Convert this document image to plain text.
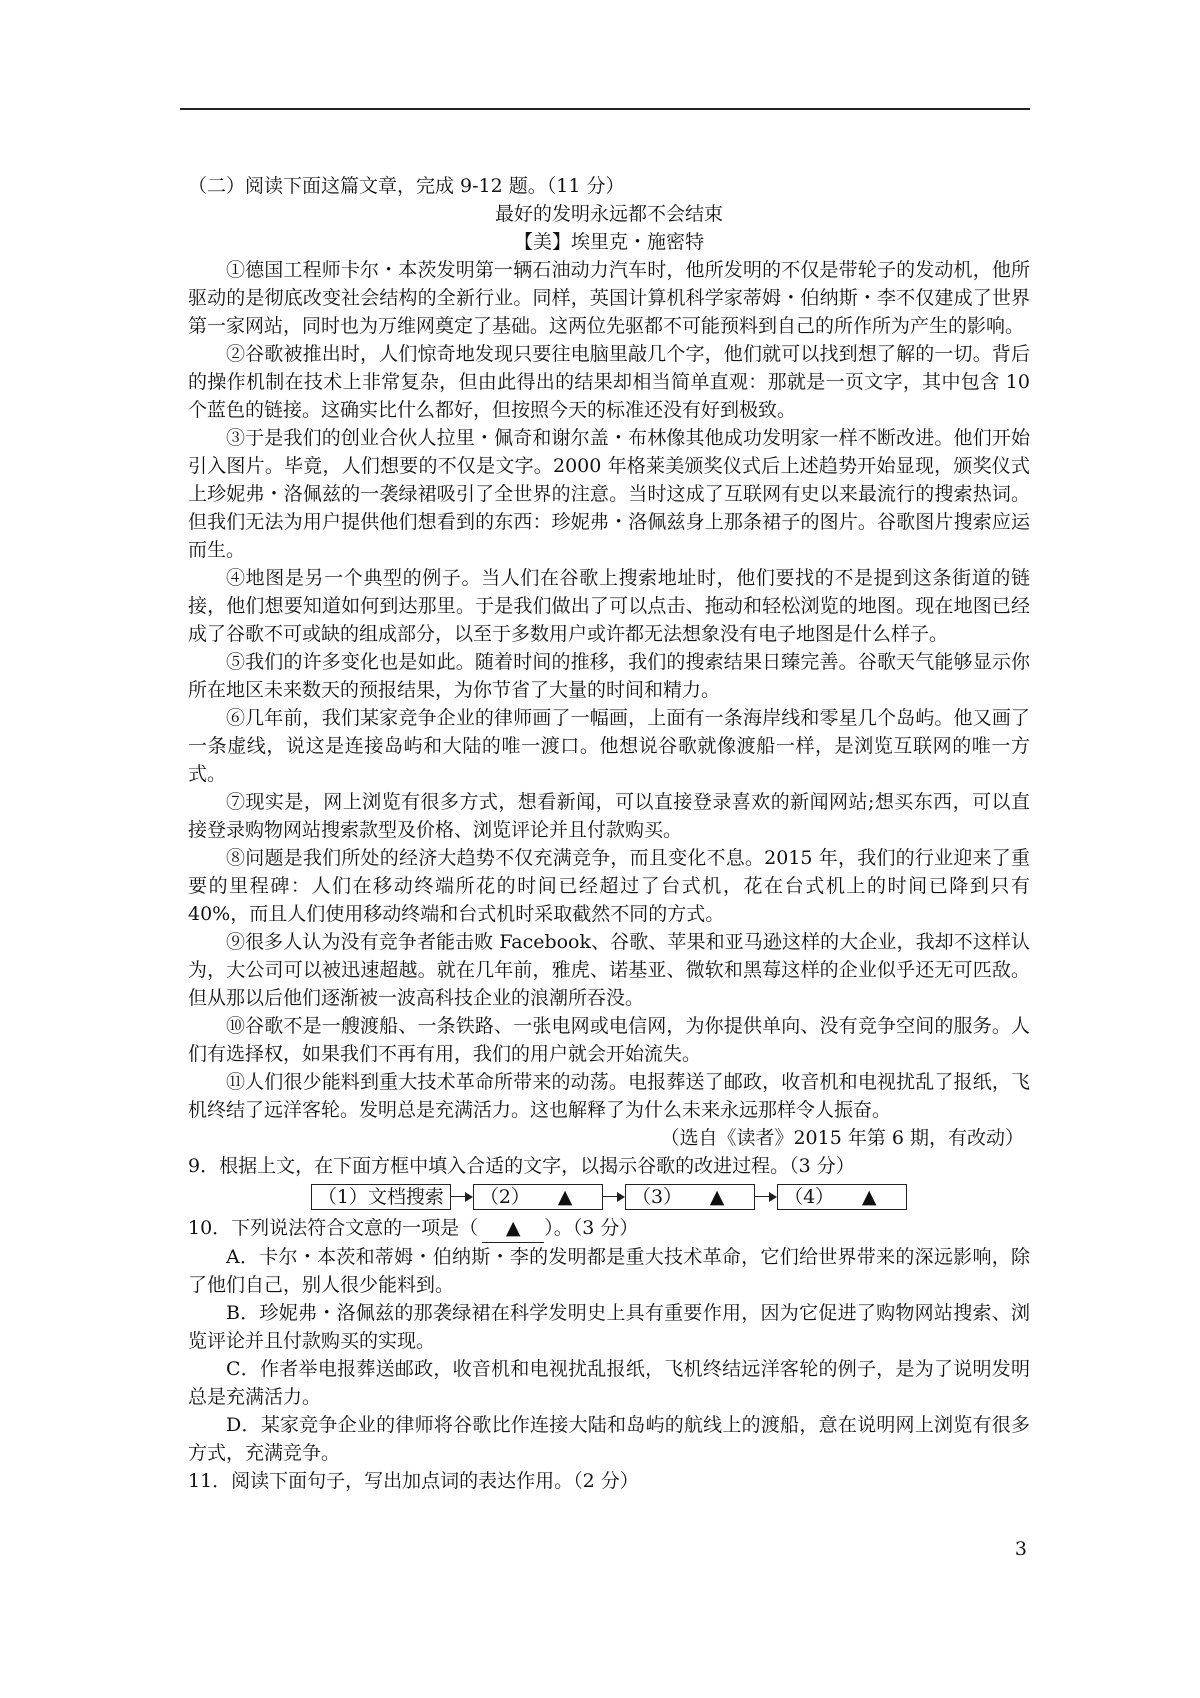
（二）阅读下面这篇文章，完成 9-12 题。（11 分）
最好的发明永远都不会结束
【美】埃里克・施密特

①德国工程师卡尔・本茨发明第一辆石油动力汽车时，他所发明的不仅是带轮子的发动机，他所驱动的是彻底改变社会结构的全新行业。同样，英国计算机科学家蒂姆・伯纳斯・李不仅建成了世界第一家网站，同时也为万维网奠定了基础。这两位先驱都不可能预料到自己的所作所为产生的影响。

②谷歌被推出时，人们惊奇地发现只要往电脑里敲几个字，他们就可以找到想了解的一切。背后的操作机制在技术上非常复杂，但由此得出的结果却相当简单直观：那就是一页文字，其中包含 10 个蓝色的链接。这确实比什么都好，但按照今天的标准还没有好到极致。

③于是我们的创业合伙人拉里・佩奇和谢尔盖・布林像其他成功发明家一样不断改进。他们开始引入图片。毕竟，人们想要的不仅是文字。2000 年格莱美颁奖仪式后上述趋势开始显现，颁奖仪式上珍妮弗・洛佩兹的一袭绿裙吸引了全世界的注意。当时这成了互联网有史以来最流行的搜索热词。但我们无法为用户提供他们想看到的东西：珍妮弗・洛佩兹身上那条裙子的图片。谷歌图片搜索应运而生。

④地图是另一个典型的例子。当人们在谷歌上搜索地址时，他们要找的不是提到这条街道的链接，他们想要知道如何到达那里。于是我们做出了可以点击、拖动和轻松浏览的地图。现在地图已经成了谷歌不可或缺的组成部分，以至于多数用户或许都无法想象没有电子地图是什么样子。

⑤我们的许多变化也是如此。随着时间的推移，我们的搜索结果日臻完善。谷歌天气能够显示你所在地区未来数天的预报结果，为你节省了大量的时间和精力。

⑥几年前，我们某家竞争企业的律师画了一幅画，上面有一条海岸线和零星几个岛屿。他又画了一条虚线，说这是连接岛屿和大陆的唯一渡口。他想说谷歌就像渡船一样，是浏览互联网的唯一方式。

⑦现实是，网上浏览有很多方式，想看新闻，可以直接登录喜欢的新闻网站;想买东西，可以直接登录购物网站搜索款型及价格、浏览评论并且付款购买。

⑧问题是我们所处的经济大趋势不仅充满竞争，而且变化不息。2015 年，我们的行业迎来了重要的里程碑：人们在移动终端所花的时间已经超过了台式机，花在台式机上的时间已降到只有 40%，而且人们使用移动终端和台式机时采取截然不同的方式。

⑨很多人认为没有竞争者能击败 Facebook、谷歌、苹果和亚马逊这样的大企业，我却不这样认为，大公司可以被迅速超越。就在几年前，雅虎、诺基亚、微软和黑莓这样的企业似乎还无可匹敌。但从那以后他们逐渐被一波高科技企业的浪潮所吞没。

⑩谷歌不是一艘渡船、一条铁路、一张电网或电信网，为你提供单向、没有竞争空间的服务。人们有选择权，如果我们不再有用，我们的用户就会开始流失。

⑪人们很少能料到重大技术革命所带来的动荡。电报葬送了邮政，收音机和电视扰乱了报纸，飞机终结了远洋客轮。发明总是充满活力。这也解释了为什么未来永远那样令人振奋。

（选自《读者》2015 年第 6 期，有改动）
9．根据上文，在下面方框中填入合适的文字，以揭示谷歌的改进过程。（3 分）
（1）文档搜索 （2）	▲	（3）	▲	（4）	▲
10．下列说法符合文意的一项是（ ▲ ）。（3 分）

A．卡尔・本茨和蒂姆・伯纳斯・李的发明都是重大技术革命，它们给世界带来的深远影响，除了他们自己，别人很少能料到。

B．珍妮弗・洛佩兹的那袭绿裙在科学发明史上具有重要作用，因为它促进了购物网站搜索、浏览评论并且付款购买的实现。

C．作者举电报葬送邮政，收音机和电视扰乱报纸，飞机终结远洋客轮的例子，是为了说明发明总是充满活力。

D．某家竞争企业的律师将谷歌比作连接大陆和岛屿的航线上的渡船，意在说明网上浏览有很多方式，充满竞争。

11．阅读下面句子，写出加点词的表达作用。（2 分）
3
